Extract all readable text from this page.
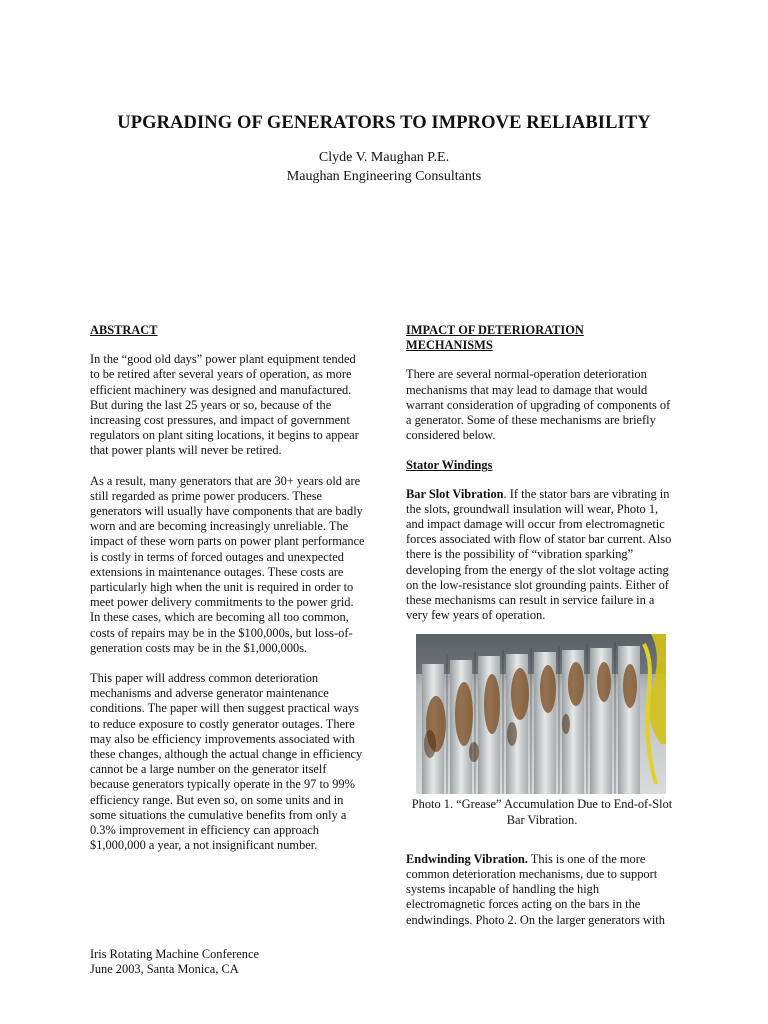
UPGRADING OF GENERATORS TO IMPROVE RELIABILITY
Clyde V. Maughan P.E.
Maughan Engineering Consultants
ABSTRACT

In the “good old days” power plant equipment tended to be retired after several years of operation, as more efficient machinery was designed and manufactured. But during the last 25 years or so, because of the increasing cost pressures, and impact of government regulators on plant siting locations, it begins to appear that power plants will never be retired.

As a result, many generators that are 30+ years old are still regarded as prime power producers. These generators will usually have components that are badly worn and are becoming increasingly unreliable. The impact of these worn parts on power plant performance is costly in terms of forced outages and unexpected extensions in maintenance outages. These costs are particularly high when the unit is required in order to meet power delivery commitments to the power grid. In these cases, which are becoming all too common, costs of repairs may be in the $100,000s, but loss-of-generation costs may be in the $1,000,000s.

This paper will address common deterioration mechanisms and adverse generator maintenance conditions. The paper will then suggest practical ways to reduce exposure to costly generator outages. There may also be efficiency improvements associated with these changes, although the actual change in efficiency cannot be a large number on the generator itself because generators typically operate in the 97 to 99% efficiency range. But even so, on some units and in some situations the cumulative benefits from only a 0.3% improvement in efficiency can approach $1,000,000 a year, a not insignificant number.

IMPACT OF DETERIORATION MECHANISMS

There are several normal-operation deterioration mechanisms that may lead to damage that would warrant consideration of upgrading of components of a generator. Some of these mechanisms are briefly considered below.

Stator Windings

Bar Slot Vibration. If the stator bars are vibrating in the slots, groundwall insulation will wear, Photo 1, and impact damage will occur from electromagnetic forces associated with flow of stator bar current. Also there is the possibility of “vibration sparking” developing from the energy of the slot voltage acting on the low-resistance slot grounding paints. Either of these mechanisms can result in service failure in a very few years of operation.

Photo 1. “Grease” Accumulation Due to End-of-Slot Bar Vibration.

Endwinding Vibration. This is one of the more common deterioration mechanisms, due to support systems incapable of handling the high electromagnetic forces acting on the bars in the endwindings. Photo 2. On the larger generators with

Iris Rotating Machine Conference
June 2003, Santa Monica, CA
